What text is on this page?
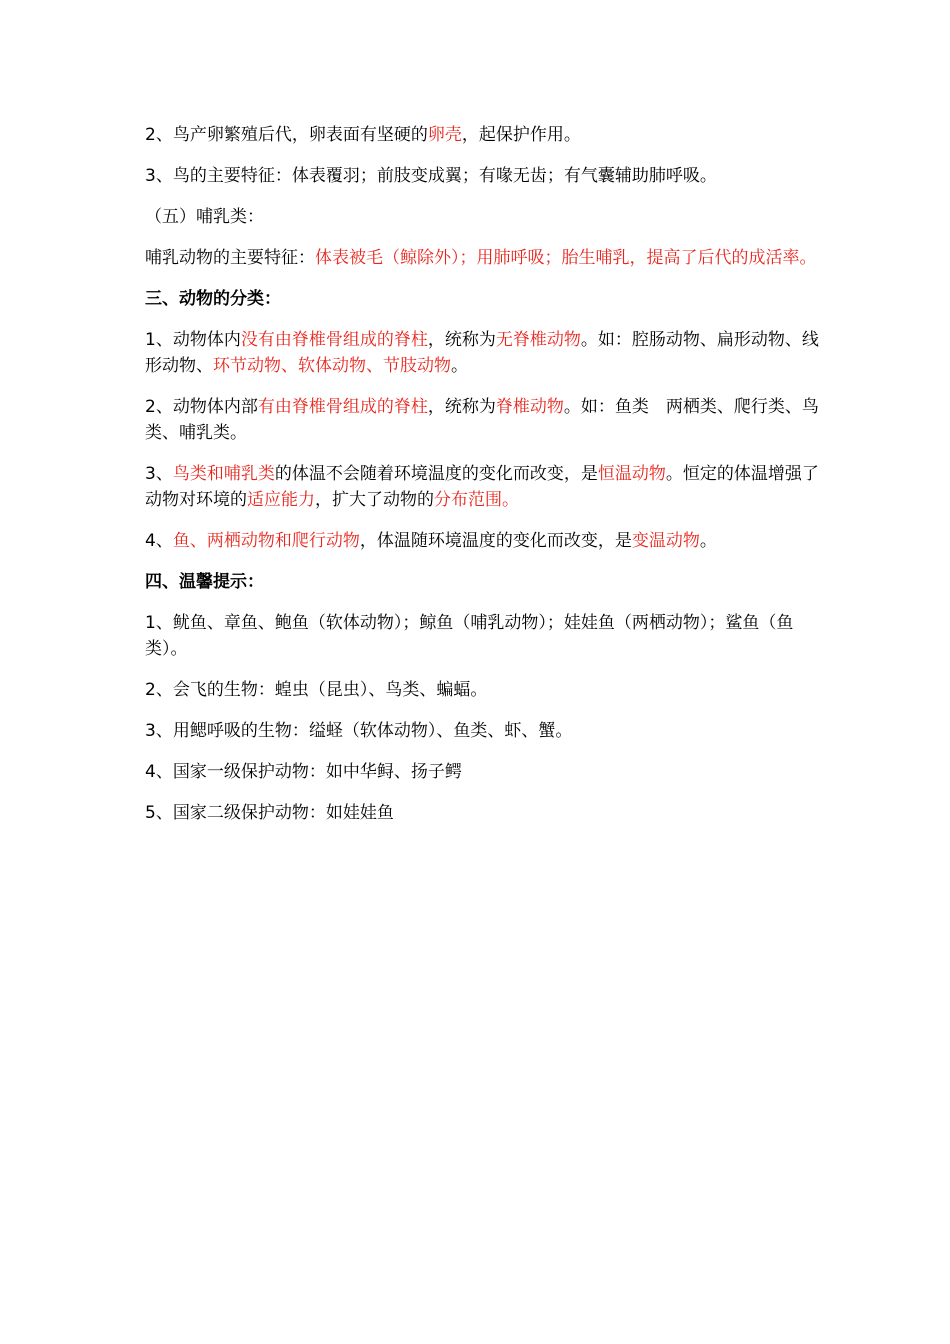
2、鸟产卵繁殖后代，卵表面有坚硬的卵壳，起保护作用。

3、鸟的主要特征：体表覆羽；前肢变成翼；有喙无齿；有气囊辅助肺呼吸。

（五）哺乳类：

哺乳动物的主要特征：体表被毛（鲸除外）；用肺呼吸；胎生哺乳，提高了后代的成活率。

三、动物的分类：

1、动物体内没有由脊椎骨组成的脊柱，统称为无脊椎动物。如：腔肠动物、扁形动物、线形动物、环节动物、软体动物、节肢动物。

2、动物体内部有由脊椎骨组成的脊柱，统称为脊椎动物。如：鱼类　两栖类、爬行类、鸟类、哺乳类。

3、鸟类和哺乳类的体温不会随着环境温度的变化而改变，是恒温动物。恒定的体温增强了动物对环境的适应能力，扩大了动物的分布范围。

4、鱼、两栖动物和爬行动物，体温随环境温度的变化而改变，是变温动物。

四、温馨提示：

1、鱿鱼、章鱼、鲍鱼（软体动物）；鲸鱼（哺乳动物）；娃娃鱼（两栖动物）；鲨鱼（鱼类）。

2、会飞的生物：蝗虫（昆虫）、鸟类、蝙蝠。

3、用鳃呼吸的生物：缢蛏（软体动物）、鱼类、虾、蟹。

4、国家一级保护动物：如中华鲟、扬子鳄

5、国家二级保护动物：如娃娃鱼
